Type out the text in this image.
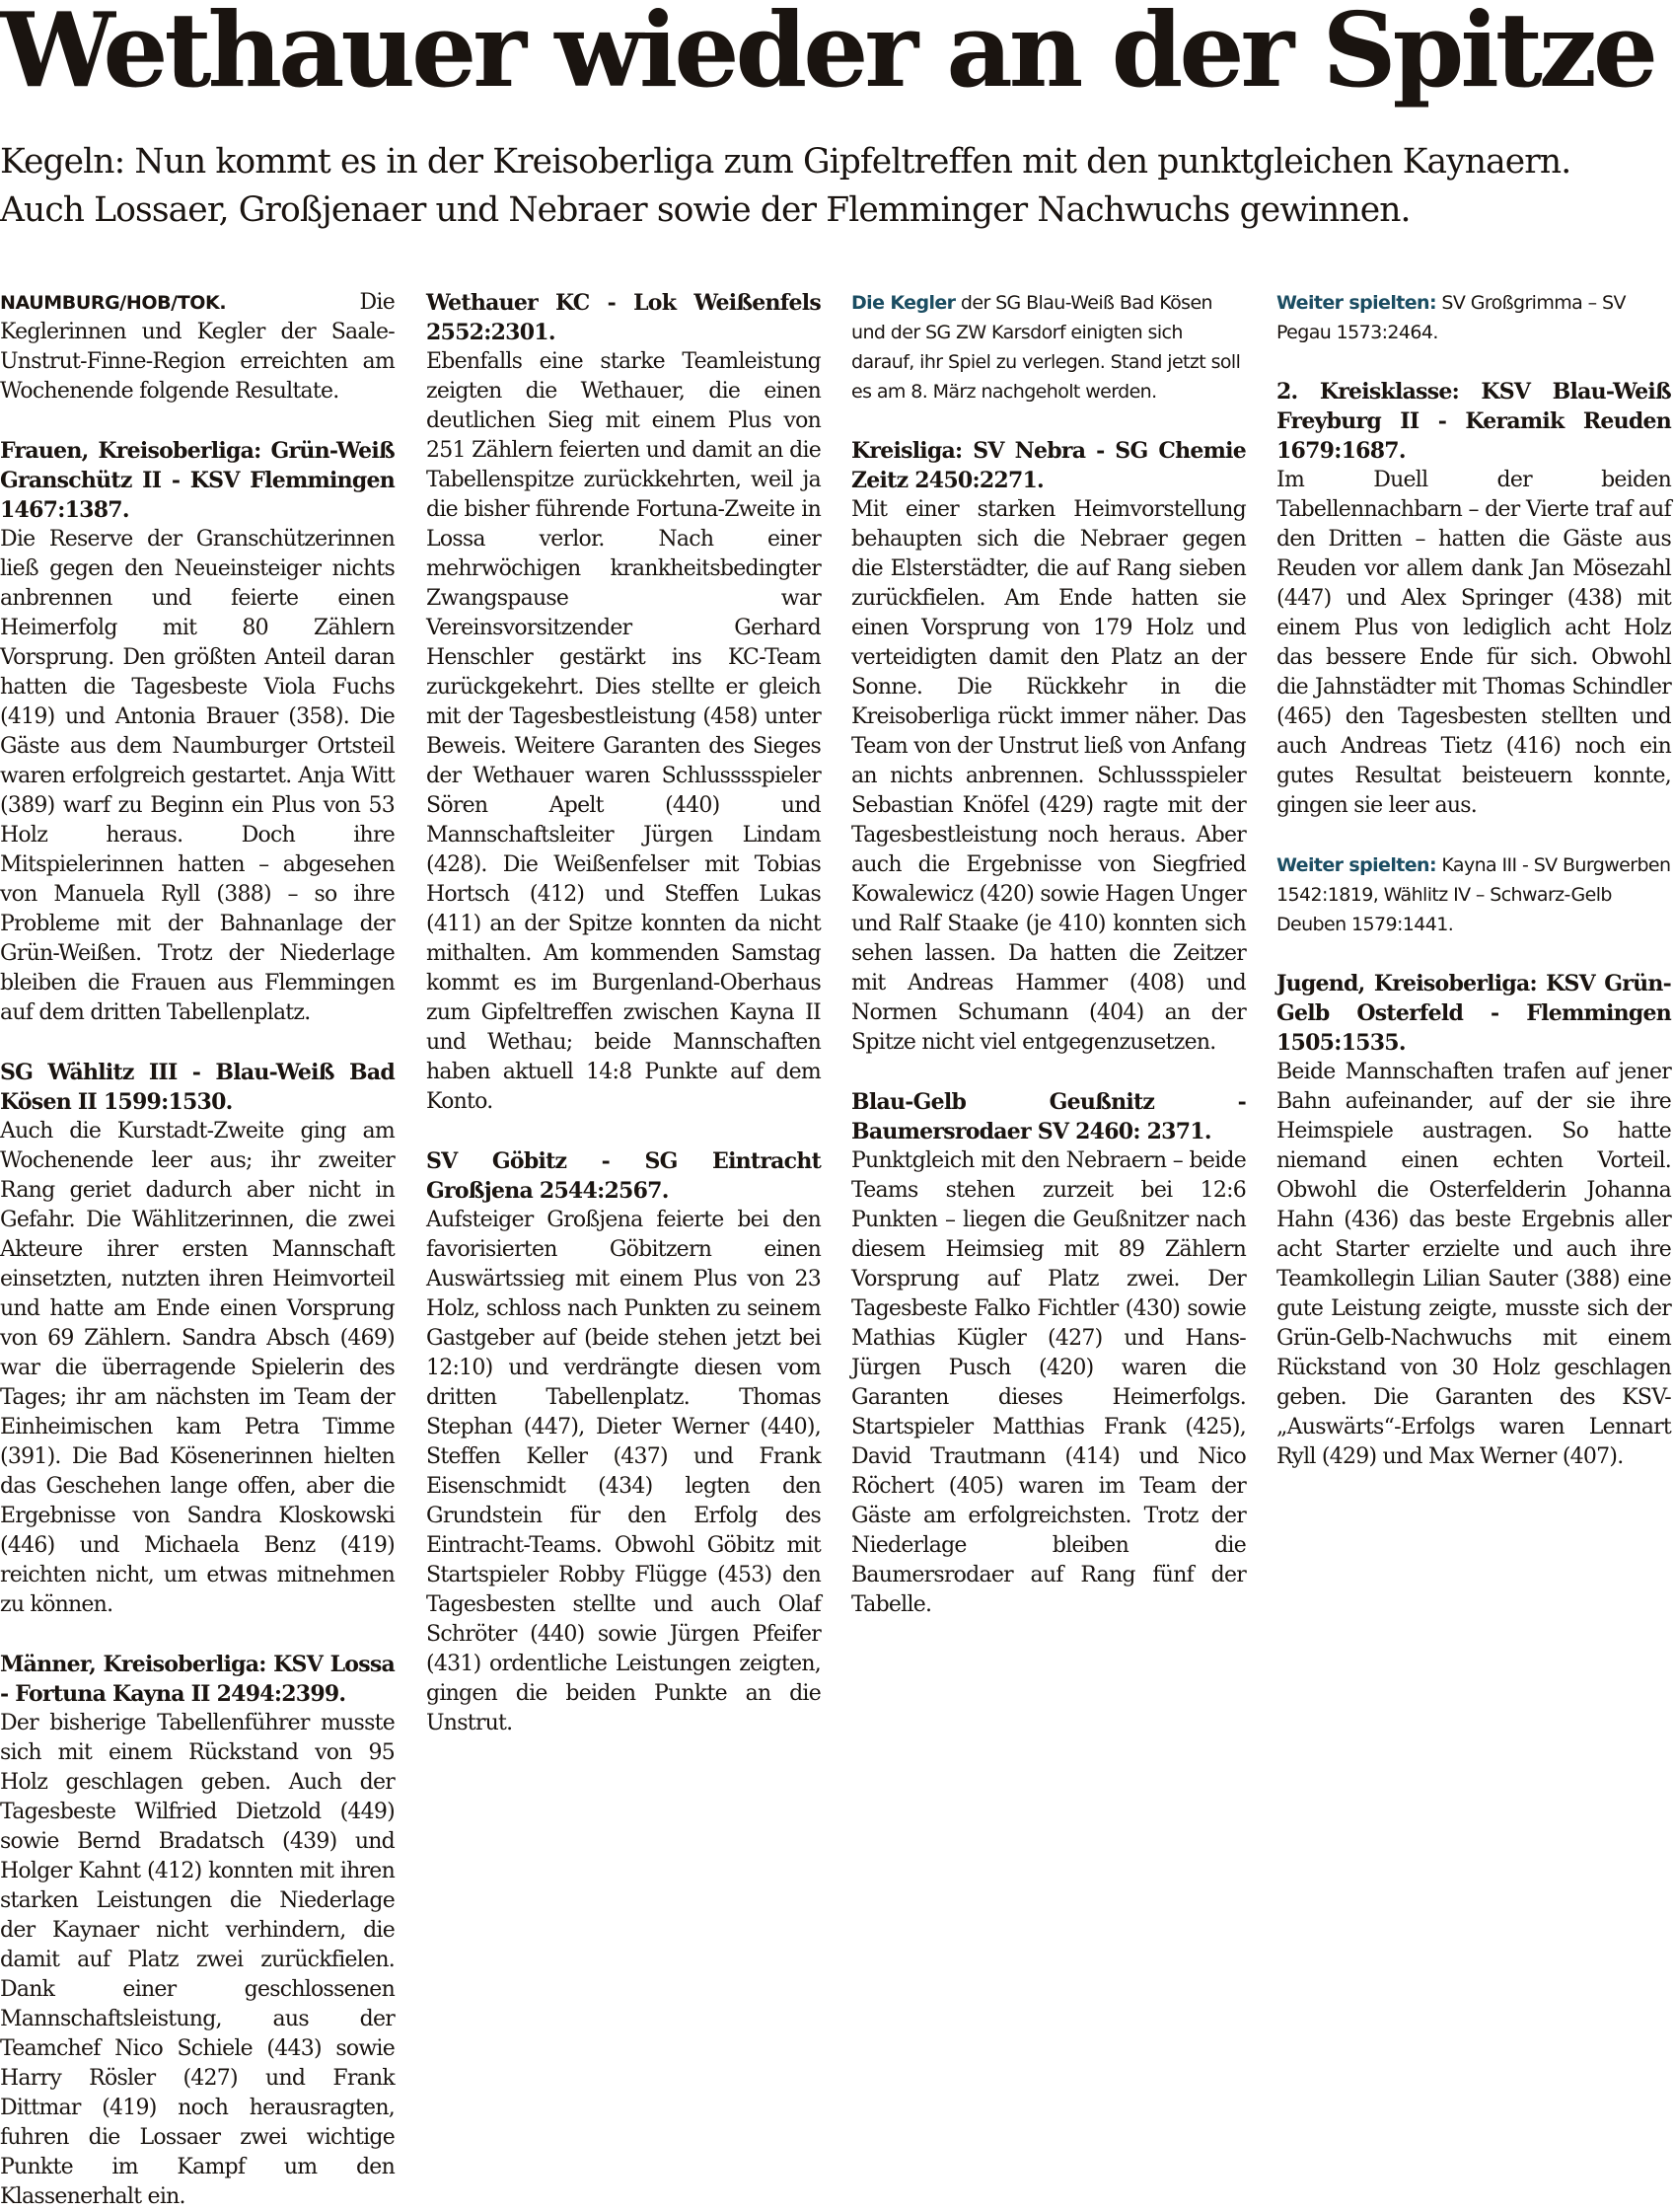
Wethauer wieder an der Spitze
Kegeln: Nun kommt es in der Kreisoberliga zum Gipfeltreffen mit den punktgleichen Kaynaern.
Auch Lossaer, Großjenaer und Nebraer sowie der Flemminger Nachwuchs gewinnen.

NAUMBURG/HOB/TOK.	Die Keglerinnen und Kegler der Saale-Unstrut-Finne-Region erreichten am Wochenende folgende Resultate.

Frauen, Kreisoberliga: Grün-Weiß Granschütz II - KSV Flemmingen 1467:1387.
Die Reserve der Granschützerinnen ließ gegen den Neueinsteiger nichts anbrennen und feierte einen Heimerfolg mit 80 Zählern Vorsprung. Den größten Anteil daran hatten die Tagesbeste Viola Fuchs (419) und Antonia Brauer (358). Die Gäste aus dem Naumburger Ortsteil waren erfolgreich gestartet. Anja Witt (389) warf zu Beginn ein Plus von 53 Holz heraus. Doch ihre Mitspielerinnen hatten – abgesehen von Manuela Ryll (388) – so ihre Probleme mit der Bahnanlage der Grün-Weißen. Trotz der Niederlage bleiben die Frauen aus Flemmingen auf dem dritten Tabellenplatz.

SG Wählitz III - Blau-Weiß Bad Kösen II 1599:1530.
Auch die Kurstadt-Zweite ging am Wochenende leer aus; ihr zweiter Rang geriet dadurch aber nicht in Gefahr. Die Wählitzerinnen, die zwei Akteure ihrer ersten Mannschaft einsetzten, nutzten ihren Heimvorteil und hatte am Ende einen Vorsprung von 69 Zählern. Sandra Absch (469) war die überragende Spielerin des Tages; ihr am nächsten im Team der Einheimischen kam Petra Timme (391). Die Bad Kösenerinnen hielten das Geschehen lange offen, aber die Ergebnisse von Sandra Kloskowski (446) und Michaela Benz (419) reichten nicht, um etwas mitnehmen zu können.

Männer, Kreisoberliga: KSV Lossa - Fortuna Kayna II 2494:2399.
Der bisherige Tabellenführer musste sich mit einem Rückstand von 95 Holz geschlagen geben. Auch der Tagesbeste Wilfried Dietzold (449) sowie Bernd Bradatsch (439) und Holger Kahnt (412) konnten mit ihren starken Leistungen die Niederlage der Kaynaer nicht verhindern, die damit auf Platz zwei zurückfielen. Dank einer geschlossenen Mannschaftsleistung, aus der Teamchef Nico Schiele (443) sowie Harry Rösler (427) und Frank Dittmar (419) noch herausragten, fuhren die Lossaer zwei wichtige Punkte im Kampf um den Klassenerhalt ein.

Wethauer KC - Lok Weißenfels 2552:2301.
Ebenfalls eine starke Teamleistung zeigten die Wethauer, die einen deutlichen Sieg mit einem Plus von 251 Zählern feierten und damit an die Tabellenspitze zurückkehrten, weil ja die bisher führende Fortuna-Zweite in Lossa verlor. Nach einer mehrwöchigen krankheitsbedingter Zwangspause war Vereinsvorsitzender Gerhard Henschler gestärkt ins KC-Team zurückgekehrt. Dies stellte er gleich mit der Tagesbestleistung (458) unter Beweis. Weitere Garanten des Sieges der Wethauer waren Schlusssspieler Sören Apelt (440) und Mannschaftsleiter Jürgen Lindam (428). Die Weißenfelser mit Tobias Hortsch (412) und Steffen Lukas (411) an der Spitze konnten da nicht mithalten. Am kommenden Samstag kommt es im Burgenland-Oberhaus zum Gipfeltreffen zwischen Kayna II und Wethau; beide Mannschaften haben aktuell 14:8 Punkte auf dem Konto.

SV Göbitz - SG Eintracht Großjena 2544:2567.
Aufsteiger Großjena feierte bei den favorisierten Göbitzern einen Auswärtssieg mit einem Plus von 23 Holz, schloss nach Punkten zu seinem Gastgeber auf (beide stehen jetzt bei 12:10) und verdrängte diesen vom dritten Tabellenplatz. Thomas Stephan (447), Dieter Werner (440), Steffen Keller (437) und Frank Eisenschmidt (434) legten den Grundstein für den Erfolg des Eintracht-Teams. Obwohl Göbitz mit Startspieler Robby Flügge (453) den Tagesbesten stellte und auch Olaf Schröter (440) sowie Jürgen Pfeifer (431) ordentliche Leistungen zeigten, gingen die beiden Punkte an die Unstrut.

Die Kegler der SG Blau-Weiß Bad Kösen und der SG ZW Karsdorf einigten sich darauf, ihr Spiel zu verlegen. Stand jetzt soll es am 8. März nachgeholt werden.

Kreisliga: SV Nebra - SG Chemie Zeitz 2450:2271.
Mit einer starken Heimvorstellung behaupten sich die Nebraer gegen die Elsterstädter, die auf Rang sieben zurückfielen. Am Ende hatten sie einen Vorsprung von 179 Holz und verteidigten damit den Platz an der Sonne. Die Rückkehr in die Kreisoberliga rückt immer näher. Das Team von der Unstrut ließ von Anfang an nichts anbrennen. Schlussspieler Sebastian Knöfel (429) ragte mit der Tagesbestleistung noch heraus. Aber auch die Ergebnisse von Siegfried Kowalewicz (420) sowie Hagen Unger und Ralf Staake (je 410) konnten sich sehen lassen. Da hatten die Zeitzer mit Andreas Hammer (408) und Normen Schumann (404) an der Spitze nicht viel entgegenzusetzen.

Blau-Gelb Geußnitz - Baumersrodaer SV 2460: 2371.
Punktgleich mit den Nebraern – beide Teams stehen zurzeit bei 12:6 Punkten – liegen die Geußnitzer nach diesem Heimsieg mit 89 Zählern Vorsprung auf Platz zwei. Der Tagesbeste Falko Fichtler (430) sowie Mathias Kügler (427) und Hans-Jürgen Pusch (420) waren die Garanten dieses Heimerfolgs. Startspieler Matthias Frank (425), David Trautmann (414) und Nico Röchert (405) waren im Team der Gäste am erfolgreichsten. Trotz der Niederlage bleiben die Baumersrodaer auf Rang fünf der Tabelle.

Weiter spielten: SV Großgrimma – SV Pegau 1573:2464.

2. Kreisklasse: KSV Blau-Weiß Freyburg II - Keramik Reuden 1679:1687.
Im Duell der beiden Tabellennachbarn – der Vierte traf auf den Dritten – hatten die Gäste aus Reuden vor allem dank Jan Mösezahl (447) und Alex Springer (438) mit einem Plus von lediglich acht Holz das bessere Ende für sich. Obwohl die Jahnstädter mit Thomas Schindler (465) den Tagesbesten stellten und auch Andreas Tietz (416) noch ein gutes Resultat beisteuern konnte, gingen sie leer aus.

Weiter spielten: Kayna III - SV Burgwerben 1542:1819, Wählitz IV – Schwarz-Gelb Deuben 1579:1441.

Jugend, Kreisoberliga: KSV Grün-Gelb Osterfeld - Flemmingen 1505:1535.
Beide Mannschaften trafen auf jener Bahn aufeinander, auf der sie ihre Heimspiele austragen. So hatte niemand einen echten Vorteil. Obwohl die Osterfelderin Johanna Hahn (436) das beste Ergebnis aller acht Starter erzielte und auch ihre Teamkollegin Lilian Sauter (388) eine gute Leistung zeigte, musste sich der Grün-Gelb-Nachwuchs mit einem Rückstand von 30 Holz geschlagen geben. Die Garanten des KSV-„Auswärts“-Erfolgs waren Lennart Ryll (429) und Max Werner (407).
